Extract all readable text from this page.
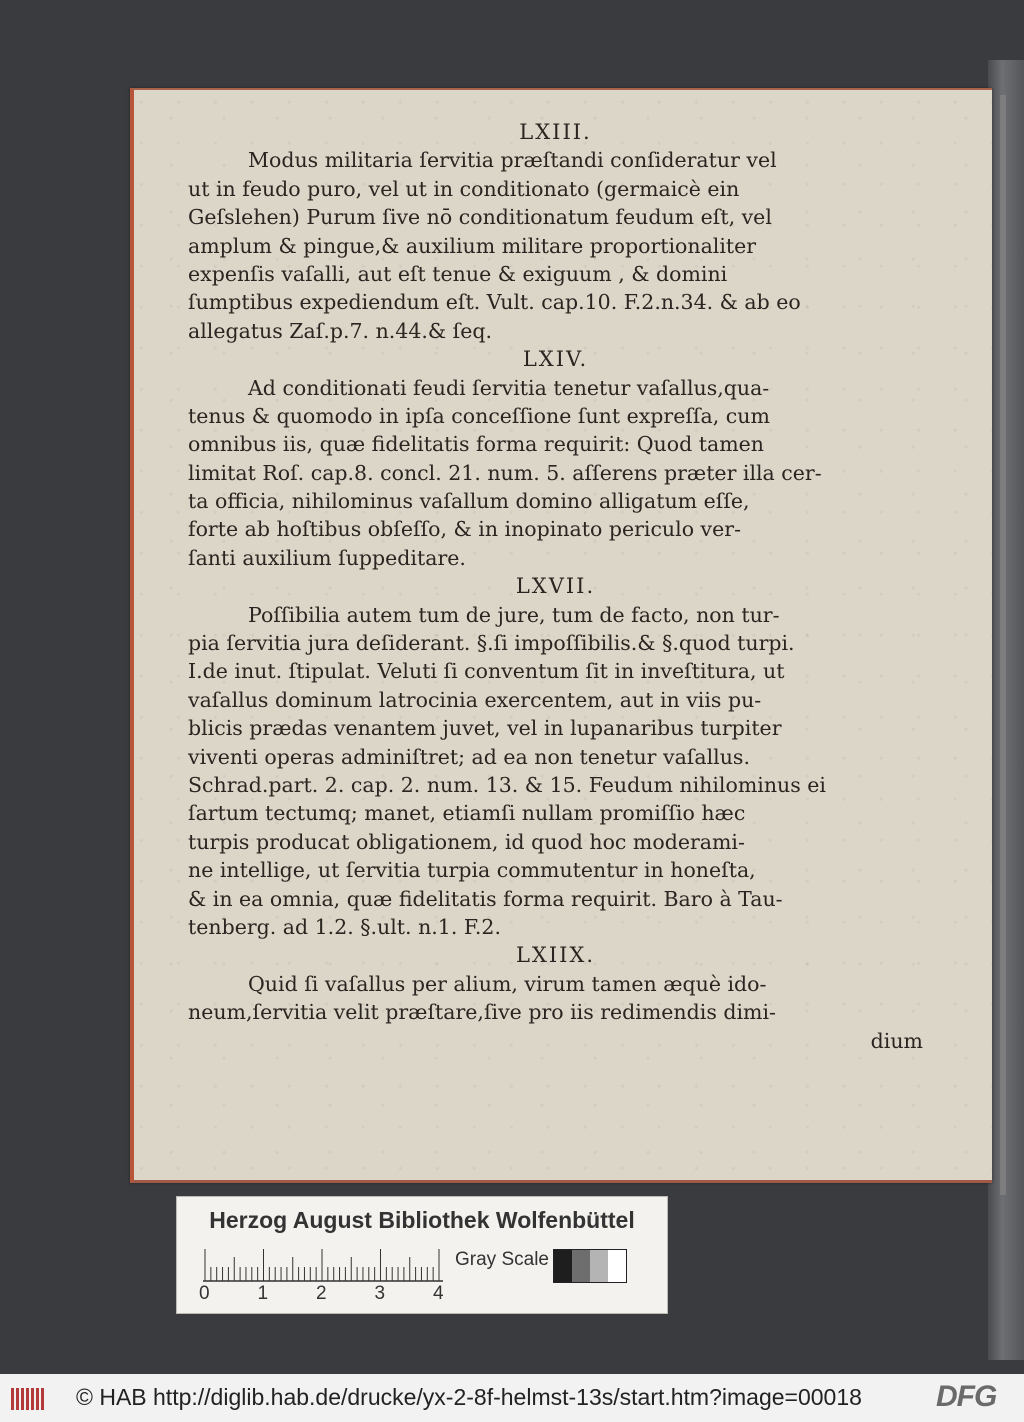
LXIII.
Modus militaria ſervitia præſtandi conſideratur vel
ut in feudo puro, vel ut in conditionato (germaicè ein
Geſslehen) Purum ſive nō conditionatum feudum eſt, vel
amplum & pingue,& auxilium militare proportionaliter
expenſis vaſalli, aut eſt tenue & exiguum , & domini
ſumptibus expediendum eſt. Vult. cap.10. F.2.n.34. & ab eo
allegatus Zaſ.p.7. n.44.& ſeq.
LXIV.
Ad conditionati feudi ſervitia tenetur vaſallus,qua-
tenus & quomodo in ipſa conceſſione ſunt expreſſa, cum
omnibus iis, quæ fidelitatis forma requirit: Quod tamen
limitat Roſ. cap.8. concl. 21. num. 5. aſſerens præter illa cer-
ta officia, nihilominus vaſallum domino alligatum eſſe,
forte ab hoſtibus obſeſſo, & in inopinato periculo ver-
ſanti auxilium ſuppeditare.
LXVII.
Poſſibilia autem tum de jure, tum de facto, non tur-
pia ſervitia jura deſiderant. §.ſi impoſſibilis.& §.quod turpi.
I.de inut. ſtipulat. Veluti ſi conventum ſit in inveſtitura, ut
vaſallus dominum latrocinia exercentem, aut in viis pu-
blicis prædas venantem juvet, vel in lupanaribus turpiter
viventi operas adminiſtret; ad ea non tenetur vaſallus.
Schrad.part. 2. cap. 2. num. 13. & 15. Feudum nihilominus ei
ſartum tectumq; manet, etiamſi nullam promiſſio hæc
turpis producat obligationem, id quod hoc moderami-
ne intellige, ut ſervitia turpia commutentur in honeſta,
& in ea omnia, quæ fidelitatis forma requirit. Baro à Tau-
tenberg. ad 1.2. §.ult. n.1. F.2.
LXIIX.
Quid ſi vaſallus per alium, virum tamen æquè ido-
neum,ſervitia velit præſtare,ſive pro iis redimendis dimi-
dium
Herzog August Bibliothek Wolfenbüttel
0	1	2	3	4
Gray Scale
© HAB http://diglib.hab.de/drucke/yx-2-8f-helmst-13s/start.htm?image=00018 DFG
